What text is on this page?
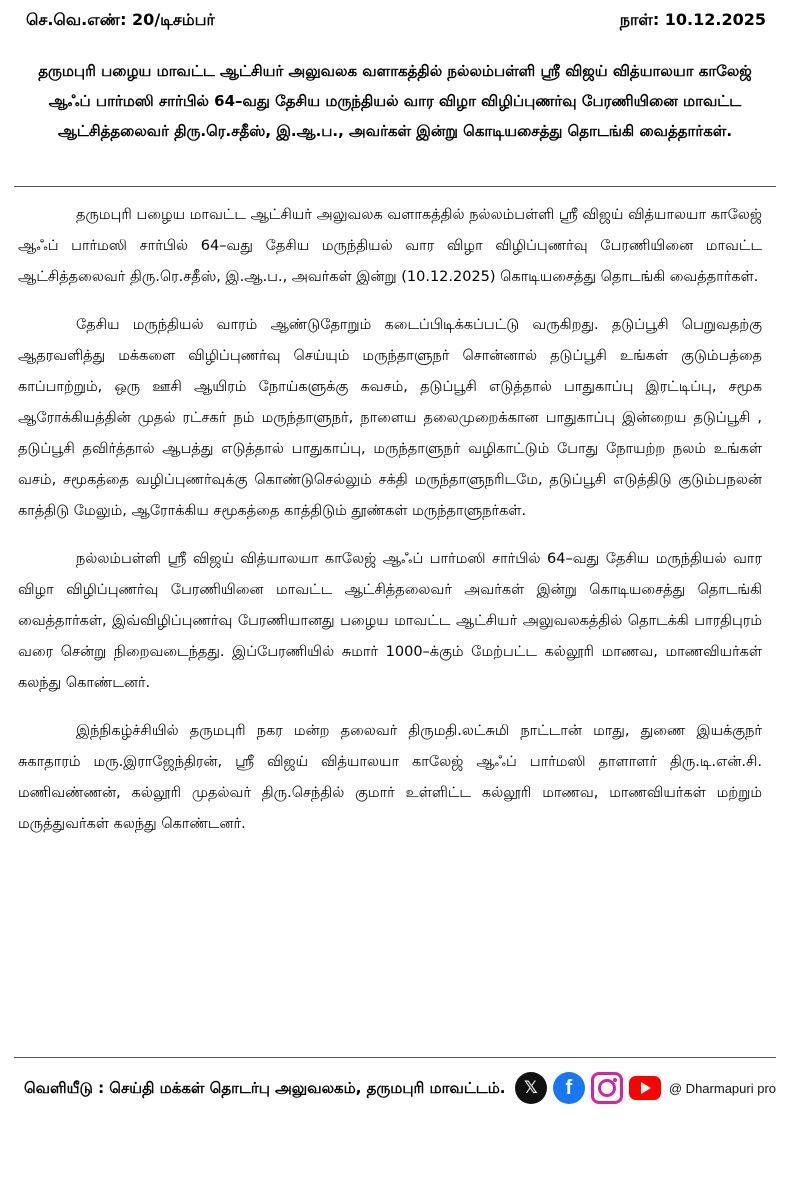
செ.வெ.எண்: 20/டிசம்பர்	நாள்: 10.12.2025
தருமபுரி பழைய மாவட்ட ஆட்சியர் அலுவலக வளாகத்தில் நல்லம்பள்ளி ஸ்ரீ விஜய் வித்யாலயா காலேஜ் ஆஃப் பார்மஸி சார்பில் 64–வது தேசிய மருந்தியல் வார விழா விழிப்புணர்வு பேரணியினை மாவட்ட ஆட்சித்தலைவர் திரு.ரெ.சதீஸ், இ.ஆ.ப., அவர்கள் இன்று கொடியசைத்து தொடங்கி வைத்தார்கள்.

தருமபுரி பழைய மாவட்ட ஆட்சியர் அலுவலக வளாகத்தில் நல்லம்பள்ளி ஸ்ரீ விஜய் வித்யாலயா காலேஜ் ஆஃப் பார்மஸி சார்பில் 64–வது தேசிய மருந்தியல் வார விழா விழிப்புணர்வு பேரணியினை மாவட்ட ஆட்சித்தலைவர் திரு.ரெ.சதீஸ், இ.ஆ.ப., அவர்கள் இன்று (10.12.2025) கொடியசைத்து தொடங்கி வைத்தார்கள்.

தேசிய மருந்தியல் வாரம் ஆண்டுதோறும் கடைப்பிடிக்கப்பட்டு வருகிறது. தடுப்பூசி பெறுவதற்கு ஆதரவளித்து மக்களை விழிப்புணர்வு செய்யும் மருந்தாளுநர் சொன்னால் தடுப்பூசி உங்கள் குடும்பத்தை காப்பாற்றும், ஒரு ஊசி ஆயிரம் நோய்களுக்கு கவசம், தடுப்பூசி எடுத்தால் பாதுகாப்பு இரட்டிப்பு, சமூக ஆரோக்கியத்தின் முதல் ரட்சகர் நம் மருந்தாளுநர், நாளைய தலைமுறைக்கான பாதுகாப்பு இன்றைய தடுப்பூசி , தடுப்பூசி தவிர்த்தால் ஆபத்து எடுத்தால் பாதுகாப்பு, மருந்தாளுநர் வழிகாட்டும் போது நோயற்ற நலம் உங்கள் வசம், சமூகத்தை வழிப்புணர்வுக்கு கொண்டுசெல்லும் சக்தி மருந்தாளுநரிடமே, தடுப்பூசி எடுத்திடு குடும்பநலன் காத்திடு மேலும், ஆரோக்கிய சமூகத்தை காத்திடும் தூண்கள் மருந்தாளுநர்கள்.

நல்லம்பள்ளி ஸ்ரீ விஜய் வித்யாலயா காலேஜ் ஆஃப் பார்மஸி சார்பில் 64–வது தேசிய மருந்தியல் வார விழா விழிப்புணர்வு பேரணியினை மாவட்ட ஆட்சித்தலைவர் அவர்கள் இன்று கொடியசைத்து தொடங்கி வைத்தார்கள், இவ்விழிப்புணர்வு பேரணியானது பழைய மாவட்ட ஆட்சியர் அலுவலகத்தில் தொடக்கி பாரதிபுரம் வரை சென்று நிறைவடைந்தது. இப்பேரணியில் சுமார் 1000–க்கும் மேற்பட்ட கல்லூரி மாணவ, மாணவியர்கள் கலந்து கொண்டனர்.

இந்நிகழ்ச்சியில் தருமபுரி நகர மன்ற தலைவர் திருமதி.லட்சுமி நாட்டான் மாது, துணை இயக்குநர் சுகாதாரம் மரு.இராஜேந்திரன், ஸ்ரீ விஜய் வித்யாலயா காலேஜ் ஆஃப் பார்மஸி தாளாளர் திரு.டி.என்.சி. மணிவண்ணன், கல்லூரி முதல்வர் திரு.செந்தில் குமார் உள்ளிட்ட கல்லூரி மாணவ, மாணவியர்கள் மற்றும் மருத்துவர்கள் கலந்து கொண்டனர்.

வெளியீடு : செய்தி மக்கள் தொடர்பு அலுவலகம், தருமபுரி மாவட்டம்.	𝕏	f	@ Dharmapuri pro
